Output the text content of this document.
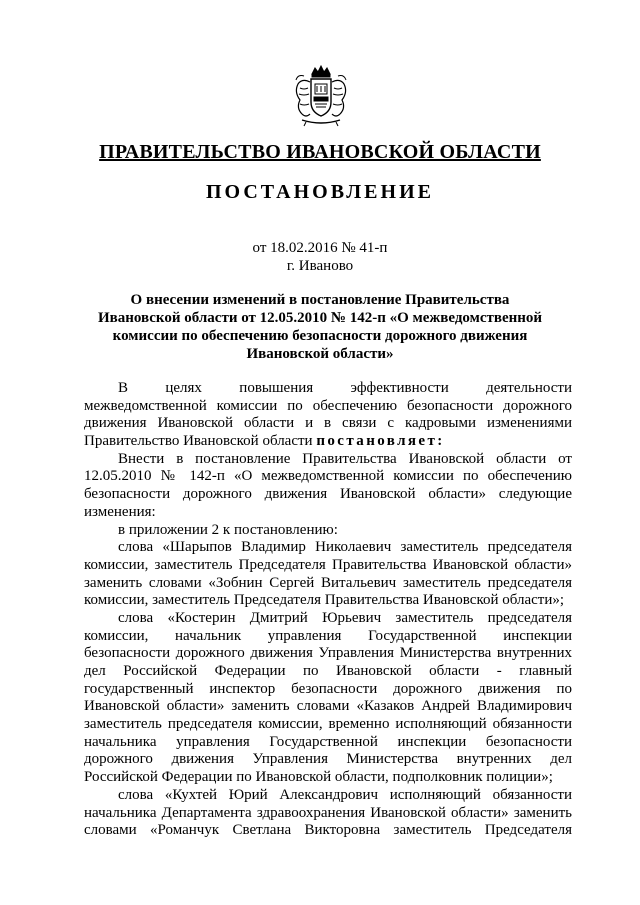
ПРАВИТЕЛЬСТВО ИВАНОВСКОЙ ОБЛАСТИ
ПОСТАНОВЛЕНИЕ
от 18.02.2016 № 41-п
г. Иваново
О внесении изменений в постановление Правительства
Ивановской области от 12.05.2010 № 142-п «О межведомственной
комиссии по обеспечению безопасности дорожного движения
Ивановской области»
В целях повышения эффективности деятельности
межведомственной комиссии по обеспечению безопасности дорожного
движения Ивановской области и в связи с кадровыми изменениями
Правительство Ивановской области постановляет:
Внести в постановление Правительства Ивановской области от
12.05.2010 № 142-п «О межведомственной комиссии по обеспечению
безопасности дорожного движения Ивановской области» следующие
изменения:
в приложении 2 к постановлению:
слова «Шарыпов Владимир Николаевич заместитель председателя
комиссии, заместитель Председателя Правительства Ивановской области»
заменить словами «Зобнин Сергей Витальевич заместитель председателя
комиссии, заместитель Председателя Правительства Ивановской области»;
слова «Костерин Дмитрий Юрьевич заместитель председателя
комиссии, начальник управления Государственной инспекции
безопасности дорожного движения Управления Министерства внутренних
дел Российской Федерации по Ивановской области - главный
государственный инспектор безопасности дорожного движения по
Ивановской области» заменить словами «Казаков Андрей Владимирович
заместитель председателя комиссии, временно исполняющий обязанности
начальника управления Государственной инспекции безопасности
дорожного движения Управления Министерства внутренних дел
Российской Федерации по Ивановской области, подполковник полиции»;
слова «Кухтей Юрий Александрович исполняющий обязанности
начальника Департамента здравоохранения Ивановской области» заменить
словами «Романчук Светлана Викторовна заместитель Председателя
